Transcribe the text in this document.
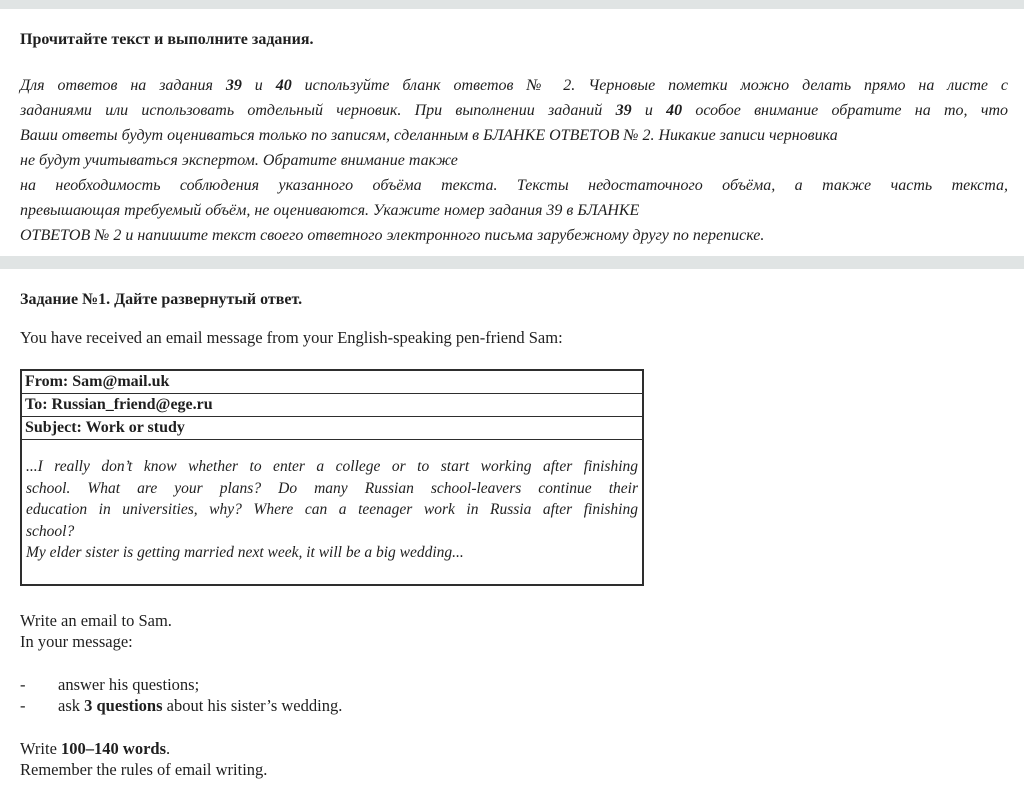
Прочитайте текст и выполните задания.
Для ответов на задания 39 и 40 используйте бланк ответов № 2. Черновые пометки можно делать прямо на листе с
заданиями или использовать отдельный черновик. При выполнении заданий 39 и 40 особое внимание обратите на то, что
Ваши ответы будут оцениваться только по записям, сделанным в БЛАНКЕ ОТВЕТОВ № 2. Никакие записи черновика
не будут учитываться экспертом. Обратите внимание также
на необходимость соблюдения указанного объёма текста. Тексты недостаточного объёма, а также часть текста,
превышающая требуемый объём, не оцениваются. Укажите номер задания 39 в БЛАНКЕ
ОТВЕТОВ № 2 и напишите текст своего ответного электронного письма зарубежному другу по переписке.
Задание №1. Дайте развернутый ответ.
You have received an email message from your English-speaking pen-friend Sam:
From: Sam@mail.uk
To: Russian_friend@ege.ru
Subject: Work or study
...I really don’t know whether to enter a college or to start working after finishing
school. What are your plans? Do many Russian school-leavers continue their
education in universities, why? Where can a teenager work in Russia after finishing
school?
My elder sister is getting married next week, it will be a big wedding...
Write an email to Sam.
In your message:
-	answer his questions;
-	ask 3 questions about his sister’s wedding.
Write 100–140 words.
Remember the rules of email writing.
